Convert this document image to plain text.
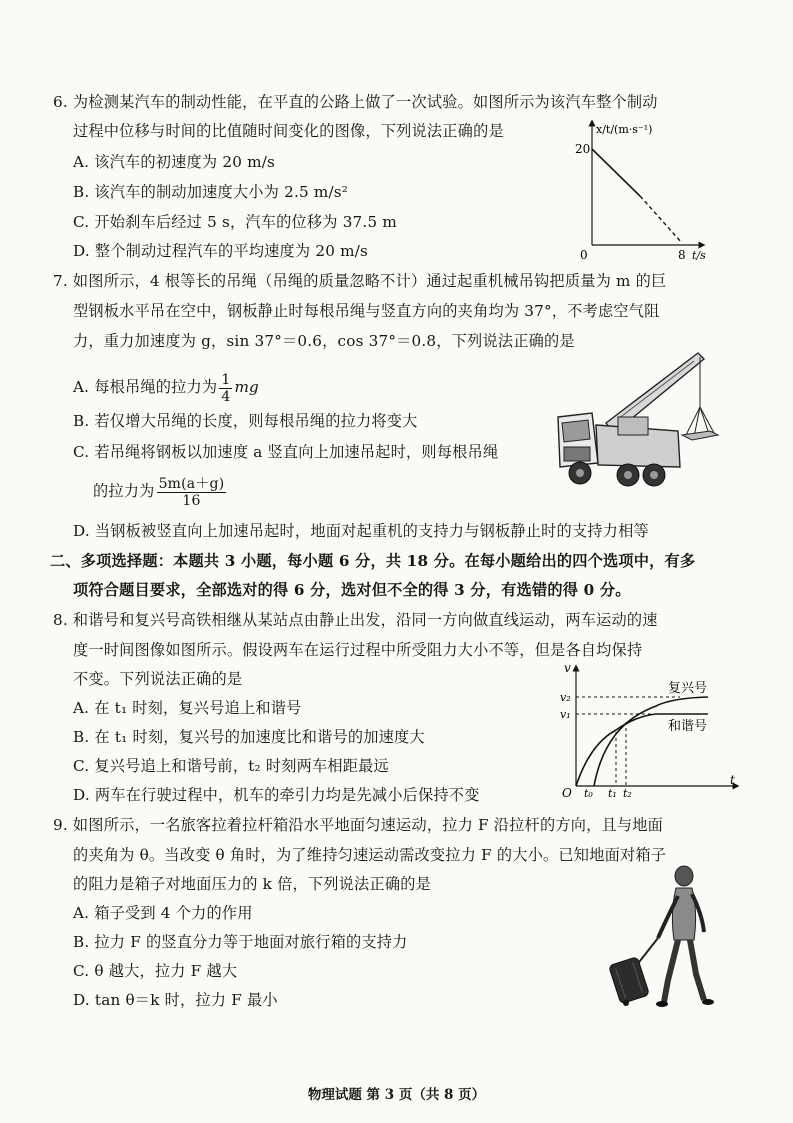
6. 为检测某汽车的制动性能，在平直的公路上做了一次试验。如图所示为该汽车整个制动
过程中位移与时间的比值随时间变化的图像，下列说法正确的是
A. 该汽车的初速度为 20 m/s
B. 该汽车的制动加速度大小为 2.5 m/s²
C. 开始刹车后经过 5 s，汽车的位移为 37.5 m
D. 整个制动过程汽车的平均速度为 20 m/s
x/t/(m·s⁻¹)
20
0	8 t/s
7. 如图所示，4 根等长的吊绳（吊绳的质量忽略不计）通过起重机械吊钩把质量为 m 的巨
型钢板水平吊在空中，钢板静止时每根吊绳与竖直方向的夹角均为 37°，不考虑空气阻
力，重力加速度为 g，sin 37°＝0.6，cos 37°＝0.8，下列说法正确的是
A. 每根吊绳的拉力为 $\frac{1}{4}$ mg
B. 若仅增大吊绳的长度，则每根吊绳的拉力将变大
C. 若吊绳将钢板以加速度 a 竖直向上加速吊起时，则每根吊绳
的拉力为 $\frac{5m(a+g)}{16}$
D. 当钢板被竖直向上加速吊起时，地面对起重机的支持力与钢板静止时的支持力相等
二、多项选择题：本题共 3 小题，每小题 6 分，共 18 分。在每小题给出的四个选项中，有多
项符合题目要求，全部选对的得 6 分，选对但不全的得 3 分，有选错的得 0 分。
8. 和谐号和复兴号高铁相继从某站点由静止出发，沿同一方向做直线运动，两车运动的速
度一时间图像如图所示。假设两车在运行过程中所受阻力大小不等，但是各自均保持
不变。下列说法正确的是
A. 在 t₁ 时刻，复兴号追上和谐号
B. 在 t₁ 时刻，复兴号的加速度比和谐号的加速度大
C. 复兴号追上和谐号前，t₂ 时刻两车相距最远
D. 两车在行驶过程中，机车的牵引力均是先减小后保持不变
v
v₂
v₁
O t₀ t₁ t₂
t
复兴号
和谐号
9. 如图所示，一名旅客拉着拉杆箱沿水平地面匀速运动，拉力 F 沿拉杆的方向，且与地面
的夹角为 θ。当改变 θ 角时，为了维持匀速运动需改变拉力 F 的大小。已知地面对箱子
的阻力是箱子对地面压力的 k 倍，下列说法正确的是
A. 箱子受到 4 个力的作用
B. 拉力 F 的竖直分力等于地面对旅行箱的支持力
C. θ 越大，拉力 F 越大
D. tan θ＝k 时，拉力 F 最小
物理试题 第 3 页（共 8 页）
